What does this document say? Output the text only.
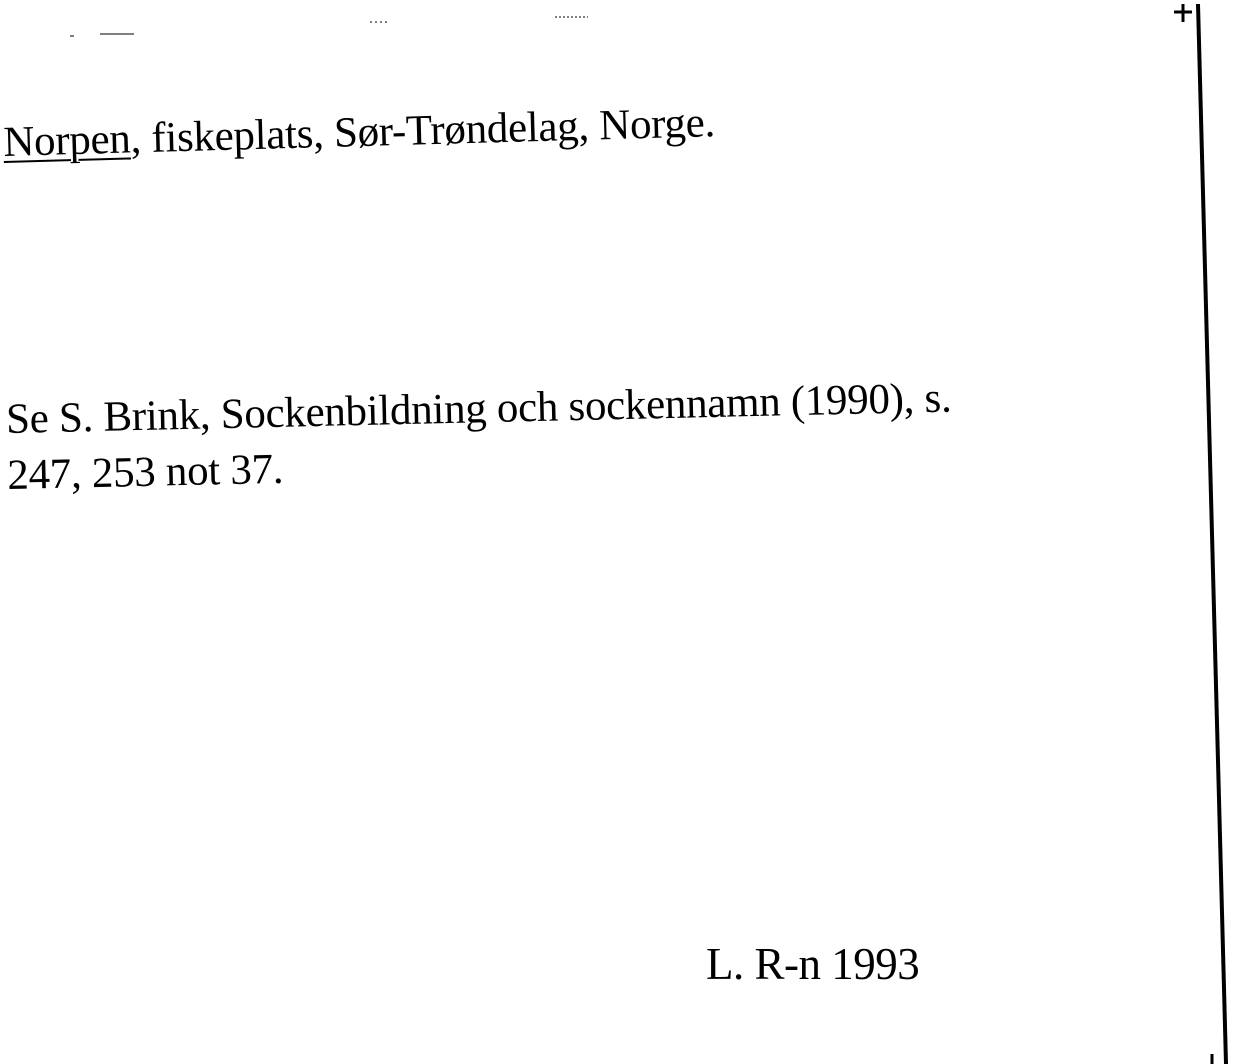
Norpen, fiskeplats, Sør-Trøndelag, Norge.
Se S. Brink, Sockenbildning och sockennamn (1990), s.
247, 253 not 37.
L. R-n 1993
